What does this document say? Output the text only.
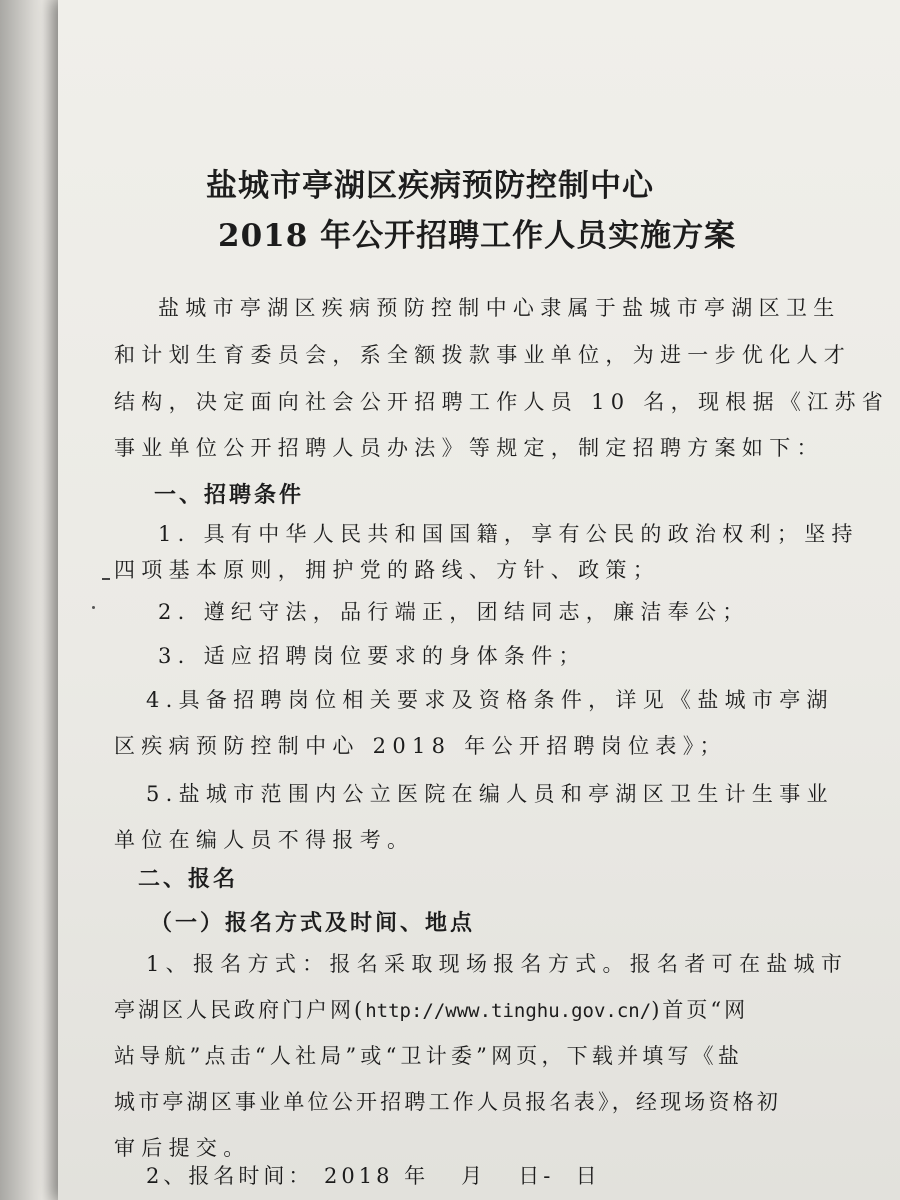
盐城市亭湖区疾病预防控制中心
2018 年公开招聘工作人员实施方案
盐城市亭湖区疾病预防控制中心隶属于盐城市亭湖区卫生
和计划生育委员会，系全额拨款事业单位，为进一步优化人才
结构，决定面向社会公开招聘工作人员 10 名，现根据《江苏省
事业单位公开招聘人员办法》等规定，制定招聘方案如下：
一、招聘条件
1. 具有中华人民共和国国籍，享有公民的政治权利；坚持
四项基本原则，拥护党的路线、方针、政策；
2. 遵纪守法，品行端正，团结同志，廉洁奉公；
3. 适应招聘岗位要求的身体条件；
4.具备招聘岗位相关要求及资格条件，详见《盐城市亭湖
区疾病预防控制中心 2018 年公开招聘岗位表》；
5.盐城市范围内公立医院在编人员和亭湖区卫生计生事业
单位在编人员不得报考。
二、报名
（一）报名方式及时间、地点
1、报名方式：报名采取现场报名方式。报名者可在盐城市
亭湖区人民政府门户网(http://www.tinghu.gov.cn/)首页“网
站导航”点击“人社局”或“卫计委”网页，下载并填写《盐
城市亭湖区事业单位公开招聘工作人员报名表》，经现场资格初
审后提交。
2、报名时间： 2018 年   月   日-  日
